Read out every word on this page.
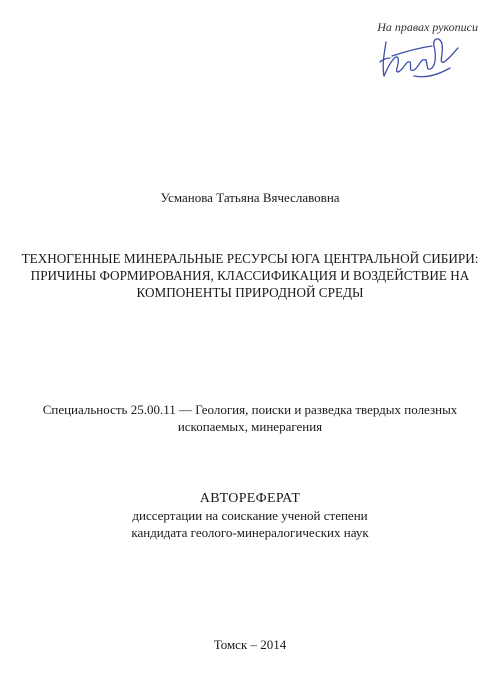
На правах рукописи
Усманова Татьяна Вячеславовна
ТЕХНОГЕННЫЕ МИНЕРАЛЬНЫЕ РЕСУРСЫ ЮГА ЦЕНТРАЛЬНОЙ СИБИРИ:
ПРИЧИНЫ ФОРМИРОВАНИЯ, КЛАССИФИКАЦИЯ И ВОЗДЕЙСТВИЕ НА
КОМПОНЕНТЫ ПРИРОДНОЙ СРЕДЫ
Специальность 25.00.11 — Геология, поиски и разведка твердых полезных
ископаемых, минерагения
АВТОРЕФЕРАТ
диссертации на соискание ученой степени
кандидата геолого-минералогических наук
Томск – 2014
